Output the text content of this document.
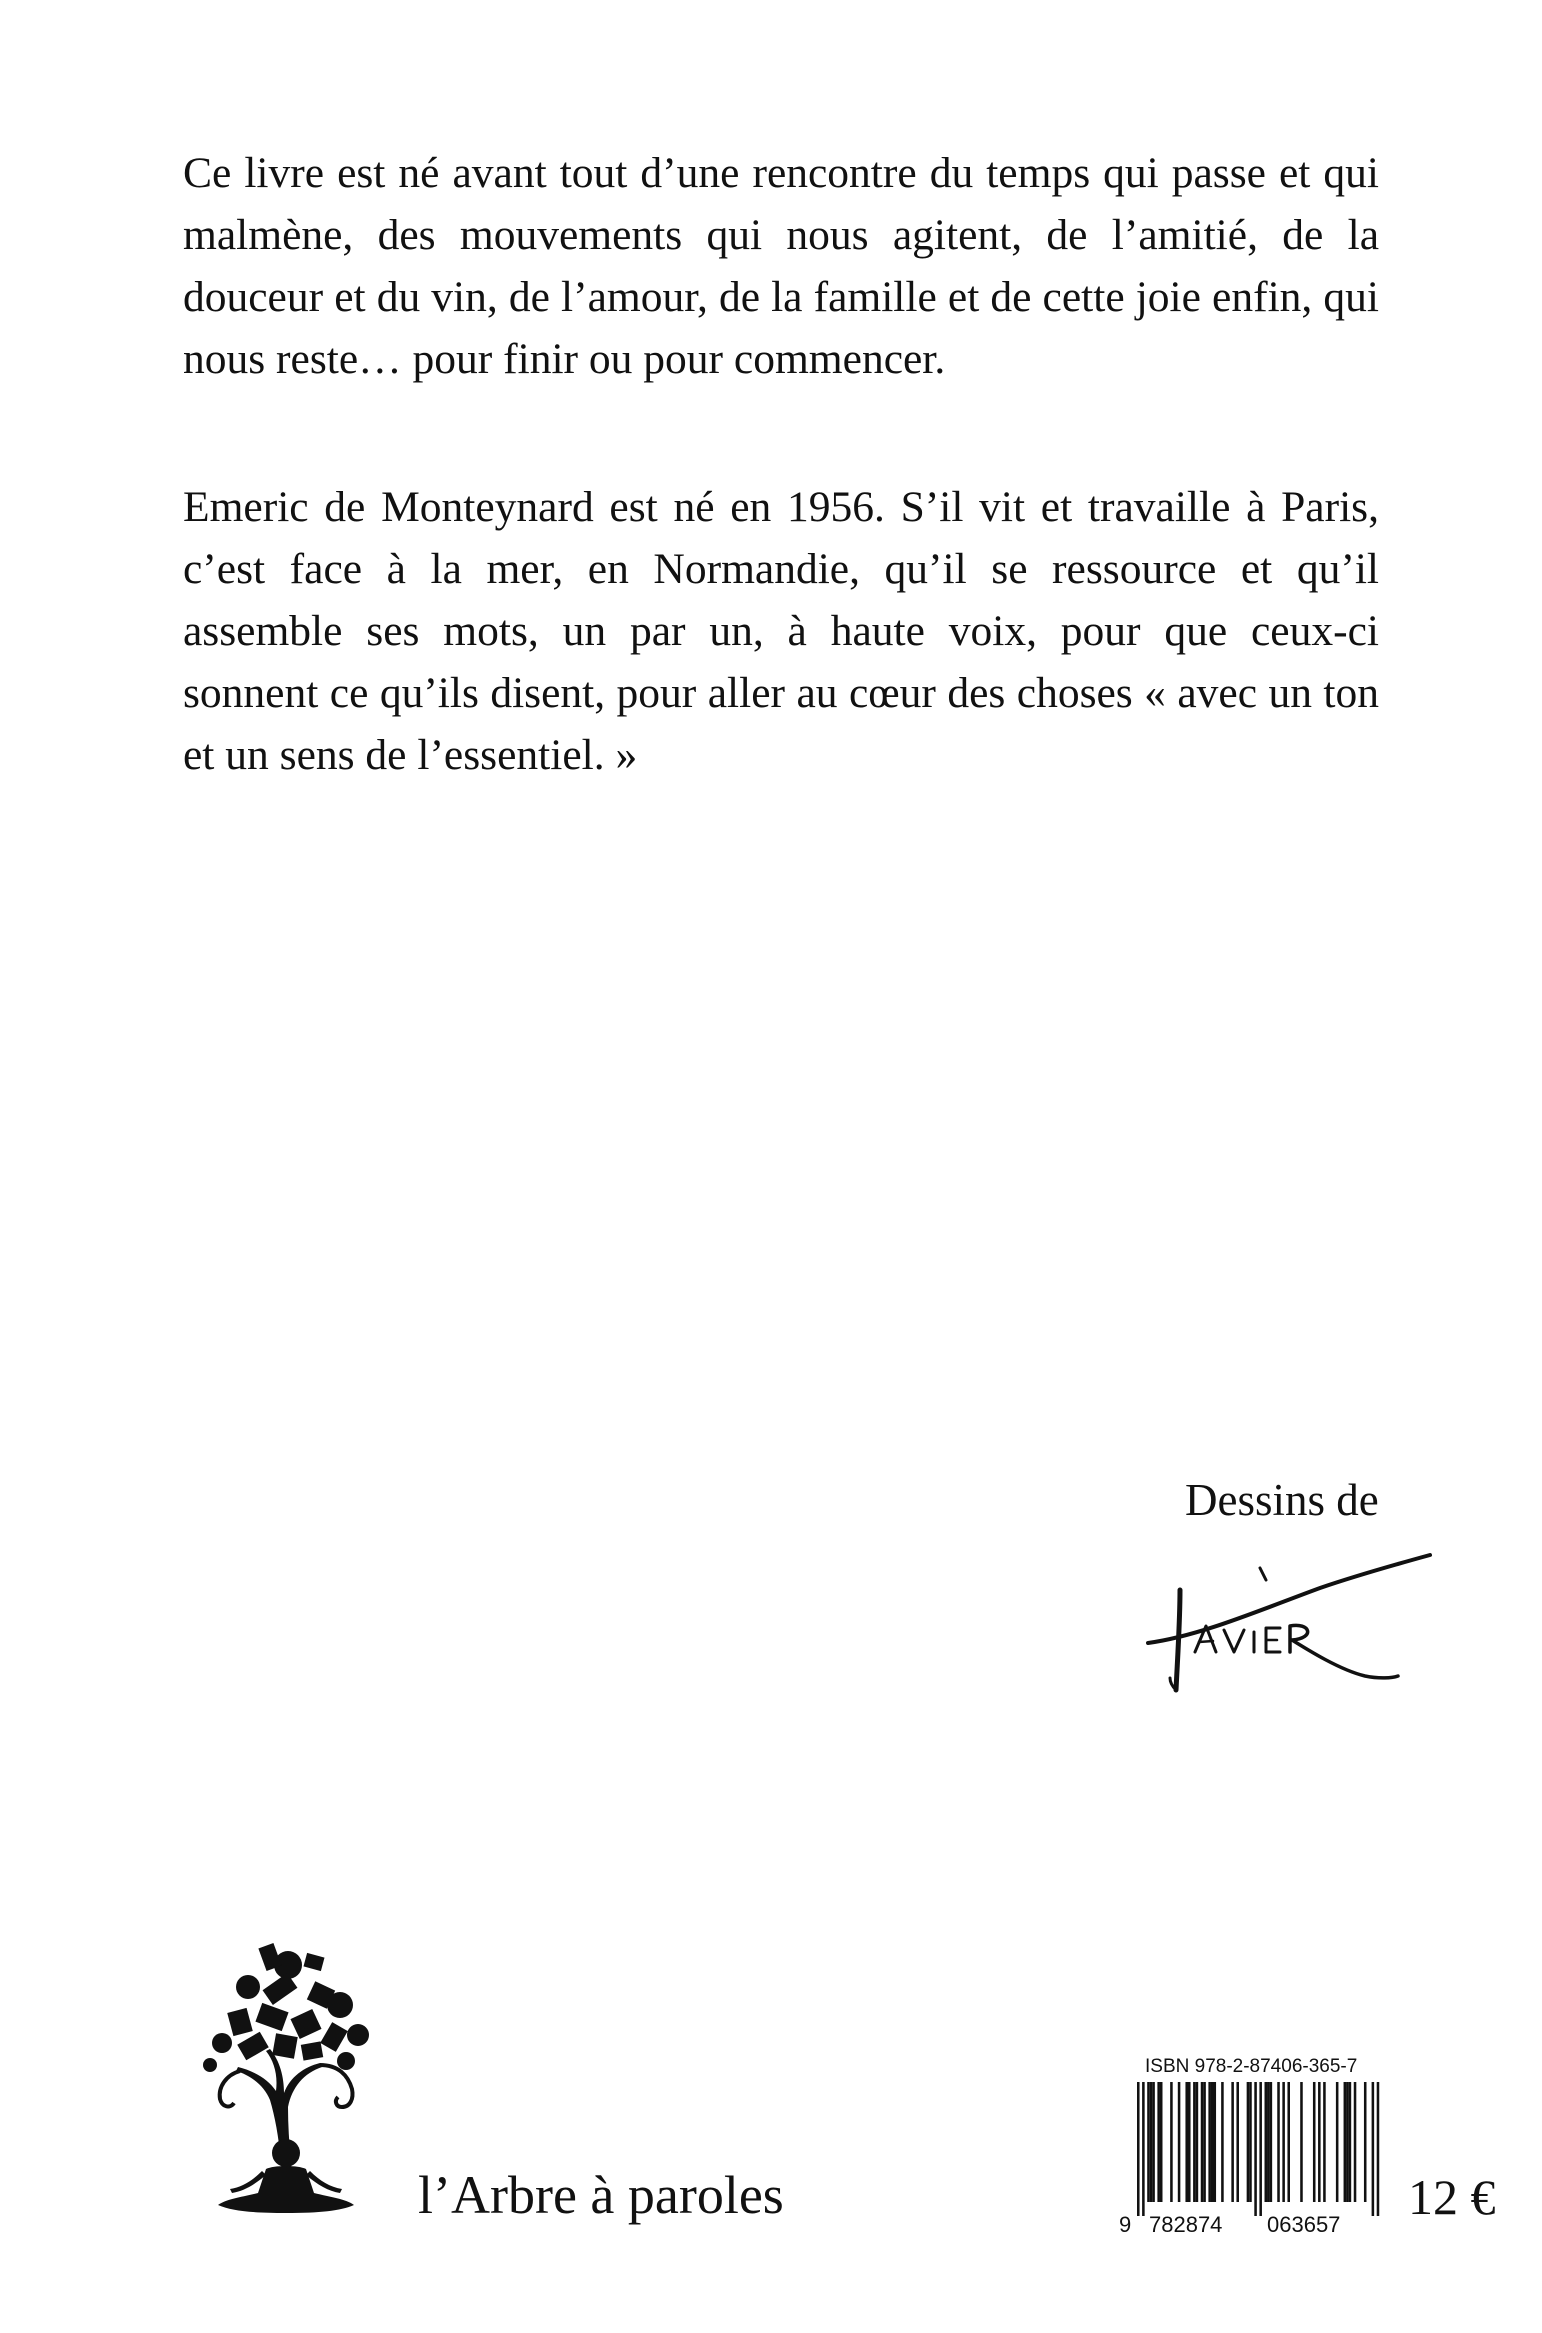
Ce livre est né avant tout d’une rencontre du temps qui passe et qui malmène, des mouvements qui nous agitent, de l’amitié, de la douceur et du vin, de l’amour, de la famille et de cette joie enfin, qui nous reste… pour finir ou pour commencer.

Emeric de Monteynard est né en 1956. S’il vit et travaille à Paris, c’est face à la mer, en Normandie, qu’il se ressource et qu’il assemble ses mots, un par un, à haute voix, pour que ceux-ci sonnent ce qu’ils disent, pour aller au cœur des choses « avec un ton et un sens de l’essentiel. »

Dessins de
l’Arbre à paroles
ISBN 978-2-87406-365-7
9 782874 063657 12 €
